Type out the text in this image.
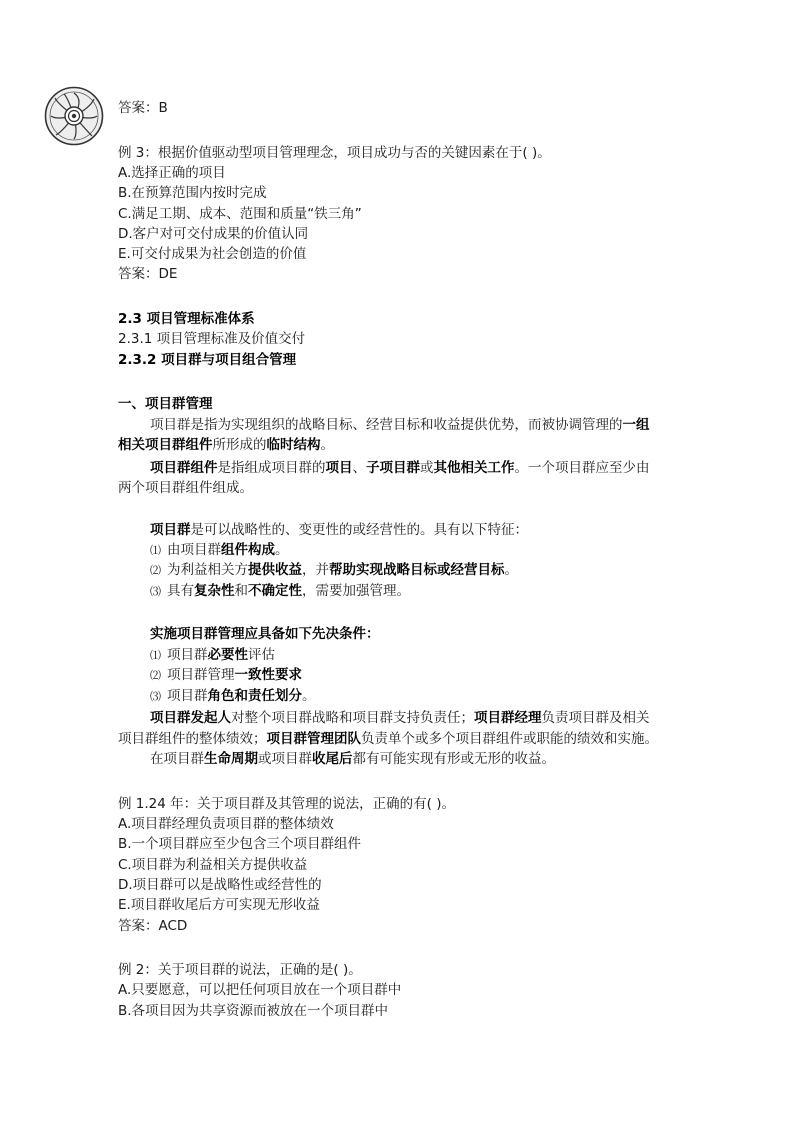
答案：B
例 3：根据价值驱动型项目管理理念，项目成功与否的关键因素在于( )。
A.选择正确的项目
B.在预算范围内按时完成
C.满足工期、成本、范围和质量“铁三角”
D.客户对可交付成果的价值认同
E.可交付成果为社会创造的价值
答案：DE
2.3 项目管理标准体系
2.3.1 项目管理标准及价值交付
2.3.2 项目群与项目组合管理
一、项目群管理
项目群是指为实现组织的战略目标、经营目标和收益提供优势，而被协调管理的一组
相关项目群组件所形成的临时结构。
项目群组件是指组成项目群的项目、子项目群或其他相关工作。一个项目群应至少由
两个项目群组件组成。
项目群是可以战略性的、变更性的或经营性的。具有以下特征：
⑴ 由项目群组件构成。
⑵ 为利益相关方提供收益，并帮助实现战略目标或经营目标。
⑶ 具有复杂性和不确定性，需要加强管理。
实施项目群管理应具备如下先决条件：
⑴ 项目群必要性评估
⑵ 项目群管理一致性要求
⑶ 项目群角色和责任划分。
项目群发起人对整个项目群战略和项目群支持负责任；项目群经理负责项目群及相关
项目群组件的整体绩效；项目群管理团队负责单个或多个项目群组件或职能的绩效和实施。
在项目群生命周期或项目群收尾后都有可能实现有形或无形的收益。
例 1.24 年：关于项目群及其管理的说法，正确的有( )。
A.项目群经理负责项目群的整体绩效
B.一个项目群应至少包含三个项目群组件
C.项目群为利益相关方提供收益
D.项目群可以是战略性或经营性的
E.项目群收尾后方可实现无形收益
答案：ACD
例 2：关于项目群的说法，正确的是( )。
A.只要愿意，可以把任何项目放在一个项目群中
B.各项目因为共享资源而被放在一个项目群中
